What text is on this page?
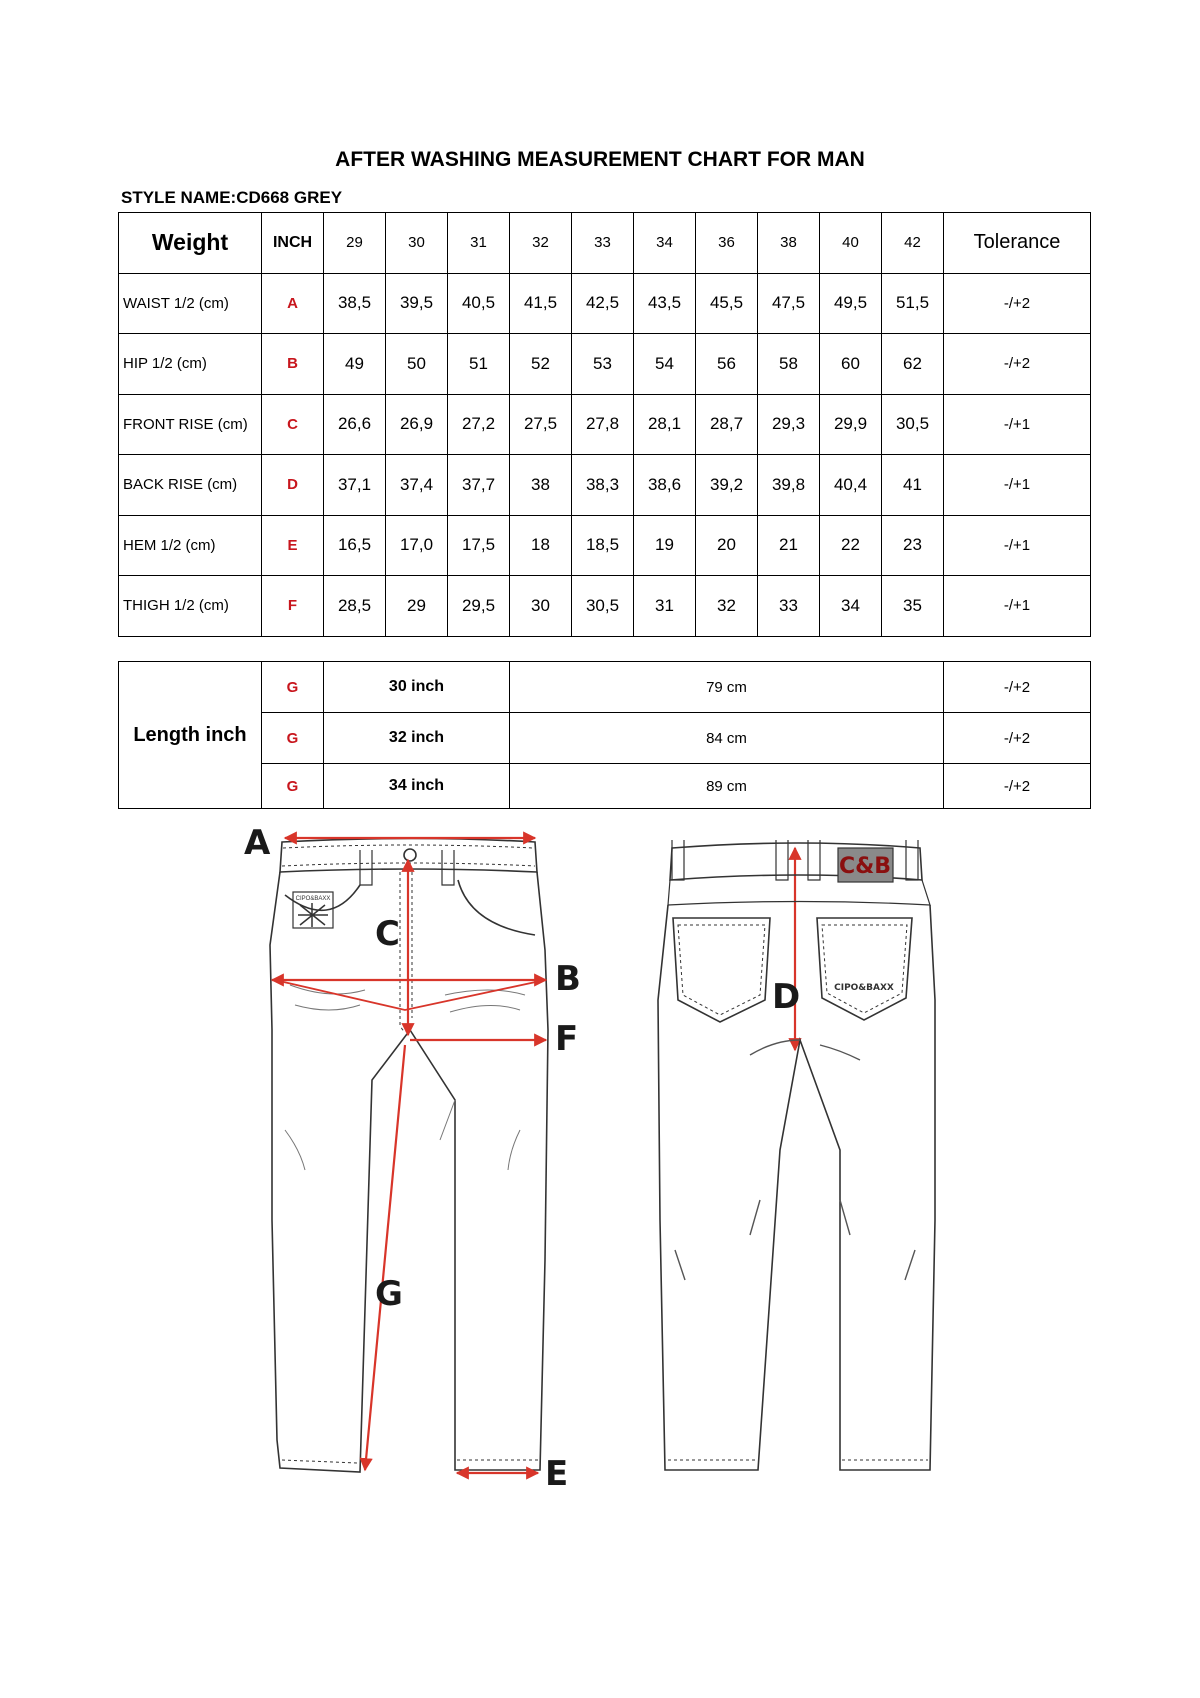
AFTER WASHING MEASUREMENT CHART FOR MAN
STYLE NAME:CD668 GREY
Weight	INCH	29	30	31	32	33	34	36	38	40	42	Tolerance
WAIST 1/2 (cm)	A	38,5	39,5	40,5	41,5	42,5	43,5	45,5	47,5	49,5	51,5	-/+2
HIP 1/2 (cm)	B	49	50	51	52	53	54	56	58	60	62	-/+2
FRONT RISE (cm)	C	26,6	26,9	27,2	27,5	27,8	28,1	28,7	29,3	29,9	30,5	-/+1
BACK RISE (cm)	D	37,1	37,4	37,7	38	38,3	38,6	39,2	39,8	40,4	41	-/+1
HEM 1/2 (cm)	E	16,5	17,0	17,5	18	18,5	19	20	21	22	23	-/+1
THIGH 1/2 (cm)	F	28,5	29	29,5	30	30,5	31	32	33	34	35	-/+1
Length inch	G	30 inch	79 cm	-/+2
	G	32 inch	84 cm	-/+2
	G	34 inch	89 cm	-/+2
CIPO&BAXX
A
C
B
F
G
E
D
C&B
CIPO&BAXX
